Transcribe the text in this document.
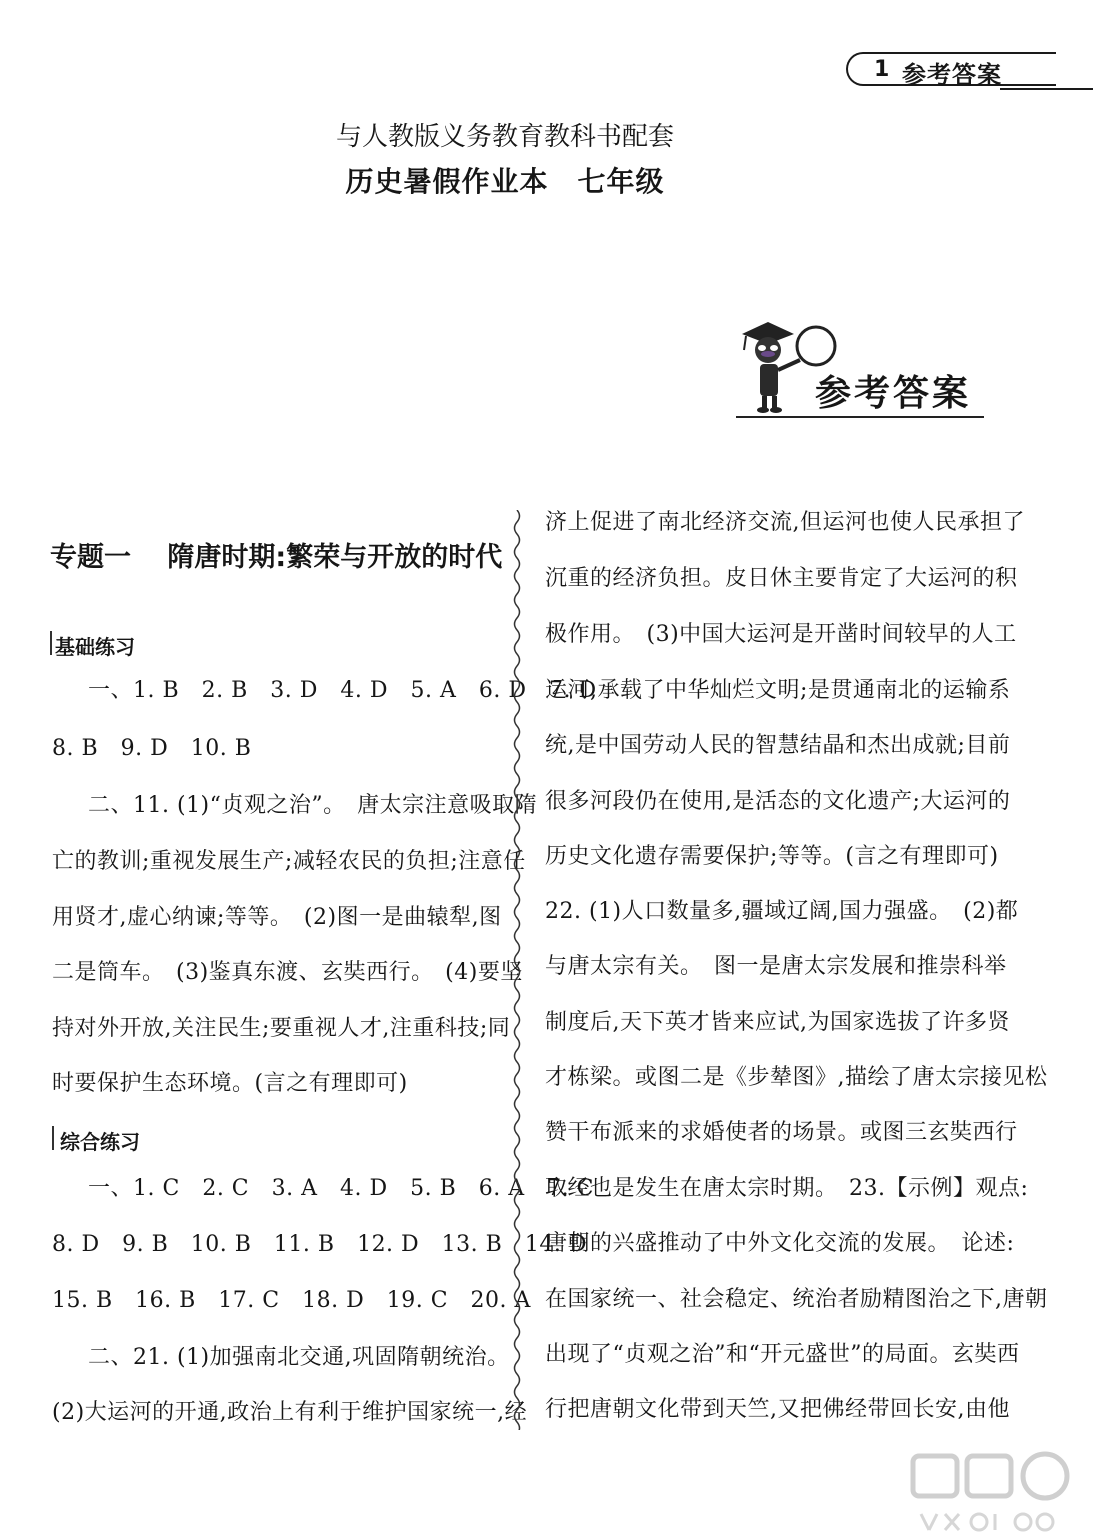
1 参考答案
与人教版义务教育教科书配套
历史暑假作业本　七年级
参考答案
专题一　 隋唐时期:繁荣与开放的时代
基础练习
一、1. B　2. B　3. D　4. D　5. A　6. D　7. D
8. B　9. D　10. B
二、11. (1)“贞观之治”。　唐太宗注意吸取隋
亡的教训;重视发展生产;减轻农民的负担;注意任
用贤才,虚心纳谏;等等。　(2)图一是曲辕犁,图
二是筒车。　(3)鉴真东渡、玄奘西行。　(4)要坚
持对外开放,关注民生;要重视人才,注重科技;同
时要保护生态环境。(言之有理即可)
综合练习
一、1. C　2. C　3. A　4. D　5. B　6. A　7. C
8. D　9. B　10. B　11. B　12. D　13. B　14. D
15. B　16. B　17. C　18. D　19. C　20. A
二、21. (1)加强南北交通,巩固隋朝统治。
(2)大运河的开通,政治上有利于维护国家统一,经
济上促进了南北经济交流,但运河也使人民承担了
沉重的经济负担。皮日休主要肯定了大运河的积
极作用。　(3)中国大运河是开凿时间较早的人工
运河,承载了中华灿烂文明;是贯通南北的运输系
统,是中国劳动人民的智慧结晶和杰出成就;目前
很多河段仍在使用,是活态的文化遗产;大运河的
历史文化遗存需要保护;等等。(言之有理即可)
22. (1)人口数量多,疆域辽阔,国力强盛。　(2)都
与唐太宗有关。　图一是唐太宗发展和推崇科举
制度后,天下英才皆来应试,为国家选拔了许多贤
才栋梁。或图二是《步辇图》,描绘了唐太宗接见松
赞干布派来的求婚使者的场景。或图三玄奘西行
取经也是发生在唐太宗时期。　23.【示例】观点:
唐朝的兴盛推动了中外文化交流的发展。　论述:
在国家统一、社会稳定、统治者励精图治之下,唐朝
出现了“贞观之治”和“开元盛世”的局面。玄奘西
行把唐朝文化带到天竺,又把佛经带回长安,由他
